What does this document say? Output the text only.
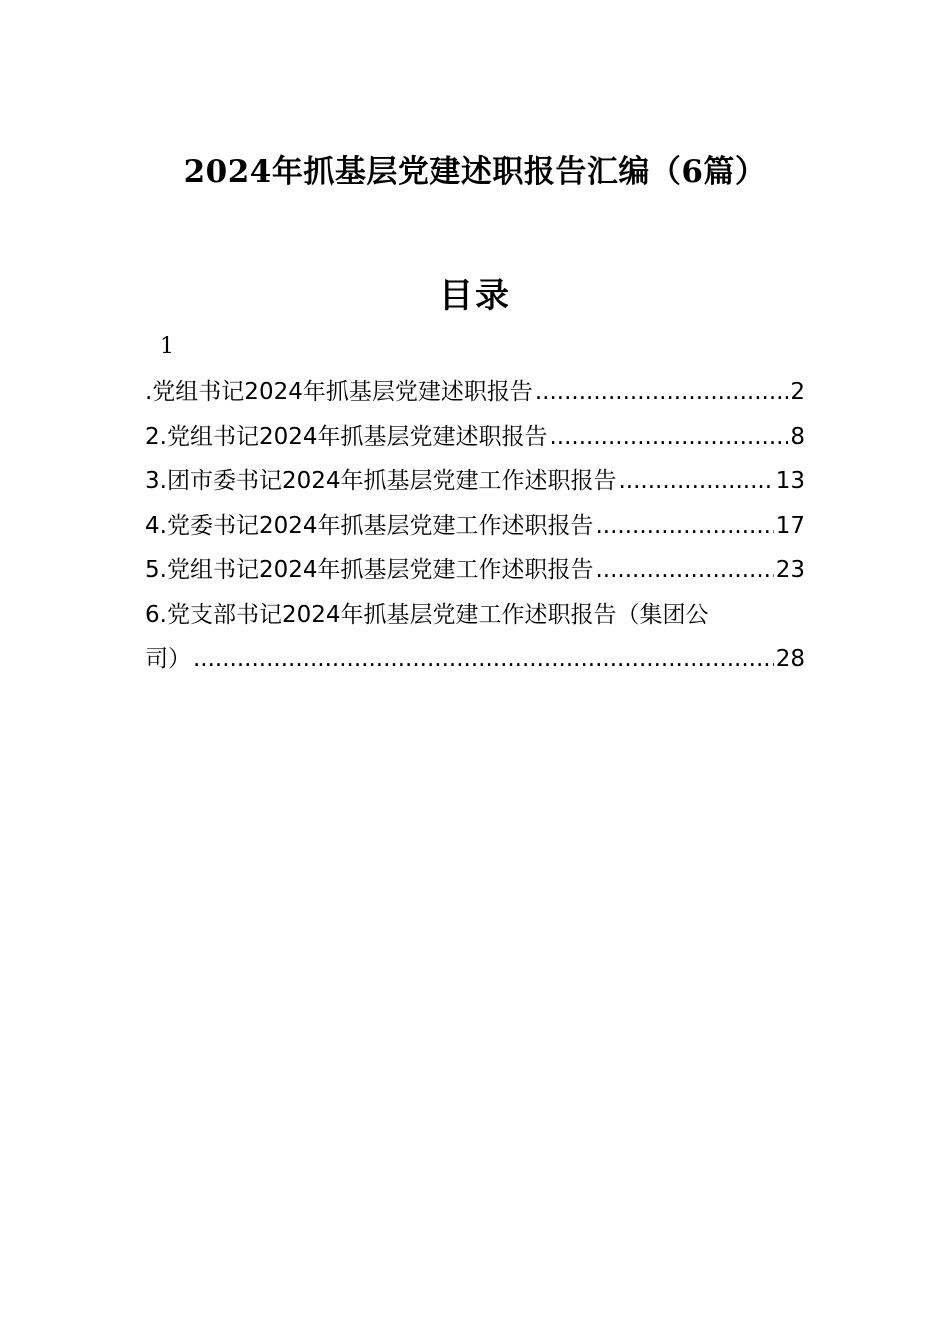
2024年抓基层党建述职报告汇编（6篇）
目录
1
.党组书记2024年抓基层党建述职报告 .....	2
2.党组书记2024年抓基层党建述职报告 .....	8
3.团市委书记2024年抓基层党建工作述职报告 .....	13
4.党委书记2024年抓基层党建工作述职报告 .....	17
5.党组书记2024年抓基层党建工作述职报告 .....	23
6.党支部书记2024年抓基层党建工作述职报告（集团公
司） .....	28
